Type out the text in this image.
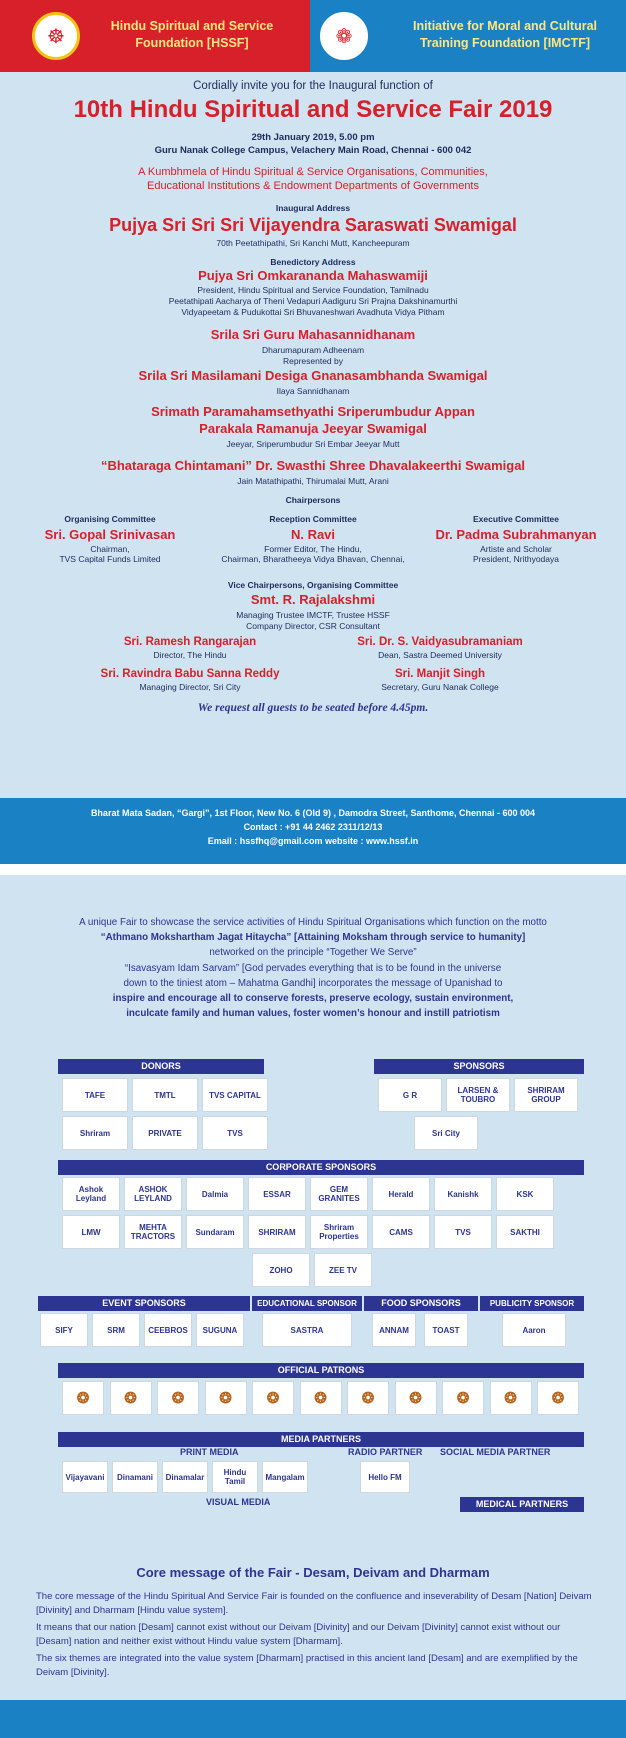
☸	Hindu Spiritual and Service Foundation [HSSF]	❁	Initiative for Moral and Cultural Training Foundation [IMCTF]
Cordially invite you for the Inaugural function of
10th Hindu Spiritual and Service Fair 2019
29th January 2019, 5.00 pm
Guru Nanak College Campus, Velachery Main Road, Chennai - 600 042
A Kumbhmela of Hindu Spiritual & Service Organisations, Communities,
Educational Institutions & Endowment Departments of Governments
Inaugural Address
Pujya Sri Sri Sri Vijayendra Saraswati Swamigal
70th Peetathipathi, Sri Kanchi Mutt, Kancheepuram
Benedictory Address
Pujya Sri Omkarananda Mahaswamiji
President, Hindu Spiritual and Service Foundation, Tamilnadu
Peetathipati Aacharya of Theni Vedapuri Aadiguru Sri Prajna Dakshinamurthi
Vidyapeetam & Pudukottai Sri Bhuvaneshwari Avadhuta Vidya Pitham
Srila Sri Guru Mahasannidhanam
Dharumapuram Adheenam
Represented by
Srila Sri Masilamani Desiga Gnanasambhanda Swamigal
Ilaya Sannidhanam
Srimath Paramahamsethyathi Sriperumbudur Appan
Parakala Ramanuja Jeeyar Swamigal
Jeeyar, Sriperumbudur Sri Embar Jeeyar Mutt
“Bhataraga Chintamani” Dr. Swasthi Shree Dhavalakeerthi Swamigal
Jain Matathipathi, Thirumalai Mutt, Arani
Chairpersons
Organising Committee
Sri. Gopal Srinivasan
Chairman,
TVS Capital Funds Limited
Reception Committee
N. Ravi
Former Editor, The Hindu,
Chairman, Bharatheeya Vidya Bhavan, Chennai,
Executive Committee
Dr. Padma Subrahmanyan
Artiste and Scholar
President, Nrithyodaya
Vice Chairpersons, Organising Committee
Smt. R. Rajalakshmi
Managing Trustee IMCTF, Trustee HSSF
Company Director, CSR Consultant
Sri. Ramesh Rangarajan
Director, The Hindu
Sri. Dr. S. Vaidyasubramaniam
Dean, Sastra Deemed University
Sri. Ravindra Babu Sanna Reddy
Managing Director, Sri City
Sri. Manjit Singh
Secretary, Guru Nanak College
We request all guests to be seated before 4.45pm.
Bharat Mata Sadan, “Gargi”, 1st Floor, New No. 6 (Old 9) , Damodra Street, Santhome, Chennai - 600 004
Contact : +91 44 2462 2311/12/13
Email : hssfhq@gmail.com website : www.hssf.in
A unique Fair to showcase the service activities of Hindu Spiritual Organisations which function on the motto
“Athmano Mokshartham Jagat Hitaycha” [Attaining Moksham through service to humanity]
networked on the principle “Together We Serve”
“Isavasyam Idam Sarvam” [God pervades everything that is to be found in the universe
down to the tiniest atom – Mahatma Gandhi] incorporates the message of Upanishad to
inspire and encourage all to conserve forests, preserve ecology, sustain environment,
inculcate family and human values, foster women’s honour and instill patriotism
DONORS	SPONSORS
CORPORATE SPONSORS
EVENT SPONSORS	EDUCATIONAL SPONSOR	FOOD SPONSORS	PUBLICITY SPONSOR
OFFICIAL PATRONS
MEDIA PARTNERS
PRINT MEDIA	RADIO PARTNER SOCIAL MEDIA PARTNER
VISUAL MEDIA	MEDICAL PARTNERS
TAFE	TMTL	TVS CAPITAL
Shriram	PRIVATE	TVS
G R	LARSEN & TOUBRO
SHRIRAM GROUP
Sri City
Ashok Leyland
ASHOK LEYLAND	Dalmia	ESSAR	GEM GRANITES	Herald	Kanishk	KSK
LMW	MEHTA TRACTORS	Sundaram	SHRIRAM	Shriram Properties	CAMS	TVS	SAKTHI
ZOHO	ZEE TV
SIFY	SRM	CEEBROS	SUGUNA	SASTRA	ANNAM	TOAST	Aaron
❂	❂	❂	❂	❂	❂	❂	❂	❂	❂	❂
Vijayavani	Dinamani	Dinamalar	Hindu Tamil	Mangalam	Hello FM
Core message of the Fair - Desam, Deivam and Dharmam
The core message of the Hindu Spiritual And Service Fair is founded on the confluence and inseverability of Desam [Nation] Deivam [Divinity] and Dharmam [Hindu value system].
It means that our nation [Desam] cannot exist without our Deivam [Divinity] and our Deivam [Divinity] cannot exist without our [Desam] nation and neither exist without Hindu value system [Dharmam].
The six themes are integrated into the value system [Dharmam] practised in this ancient land [Desam] and are exemplified by the Deivam [Divinity].
